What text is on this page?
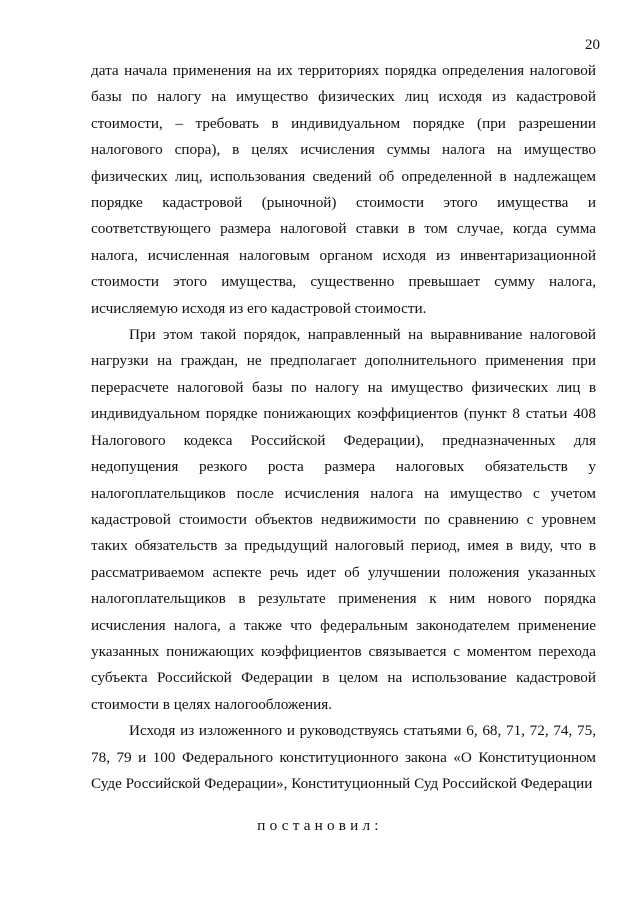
20

дата начала применения на их территориях порядка определения налоговой базы по налогу на имущество физических лиц исходя из кадастровой стоимости, – требовать в индивидуальном порядке (при разрешении налогового спора), в целях исчисления суммы налога на имущество физических лиц, использования сведений об определенной в надлежащем порядке кадастровой (рыночной) стоимости этого имущества и соответствующего размера налоговой ставки в том случае, когда сумма налога, исчисленная налоговым органом исходя из инвентаризационной стоимости этого имущества, существенно превышает сумму налога, исчисляемую исходя из его кадастровой стоимости.

При этом такой порядок, направленный на выравнивание налоговой нагрузки на граждан, не предполагает дополнительного применения при перерасчете налоговой базы по налогу на имущество физических лиц в индивидуальном порядке понижающих коэффициентов (пункт 8 статьи 408 Налогового кодекса Российской Федерации), предназначенных для недопущения резкого роста размера налоговых обязательств у налогоплательщиков после исчисления налога на имущество с учетом кадастровой стоимости объектов недвижимости по сравнению с уровнем таких обязательств за предыдущий налоговый период, имея в виду, что в рассматриваемом аспекте речь идет об улучшении положения указанных налогоплательщиков в результате применения к ним нового порядка исчисления налога, а также что федеральным законодателем применение указанных понижающих коэффициентов связывается с моментом перехода субъекта Российской Федерации в целом на использование кадастровой стоимости в целях налогообложения.

Исходя из изложенного и руководствуясь статьями 6, 68, 71, 72, 74, 75, 78, 79 и 100 Федерального конституционного закона «О Конституционном Суде Российской Федерации», Конституционный Суд Российской Федерации

постановил:
